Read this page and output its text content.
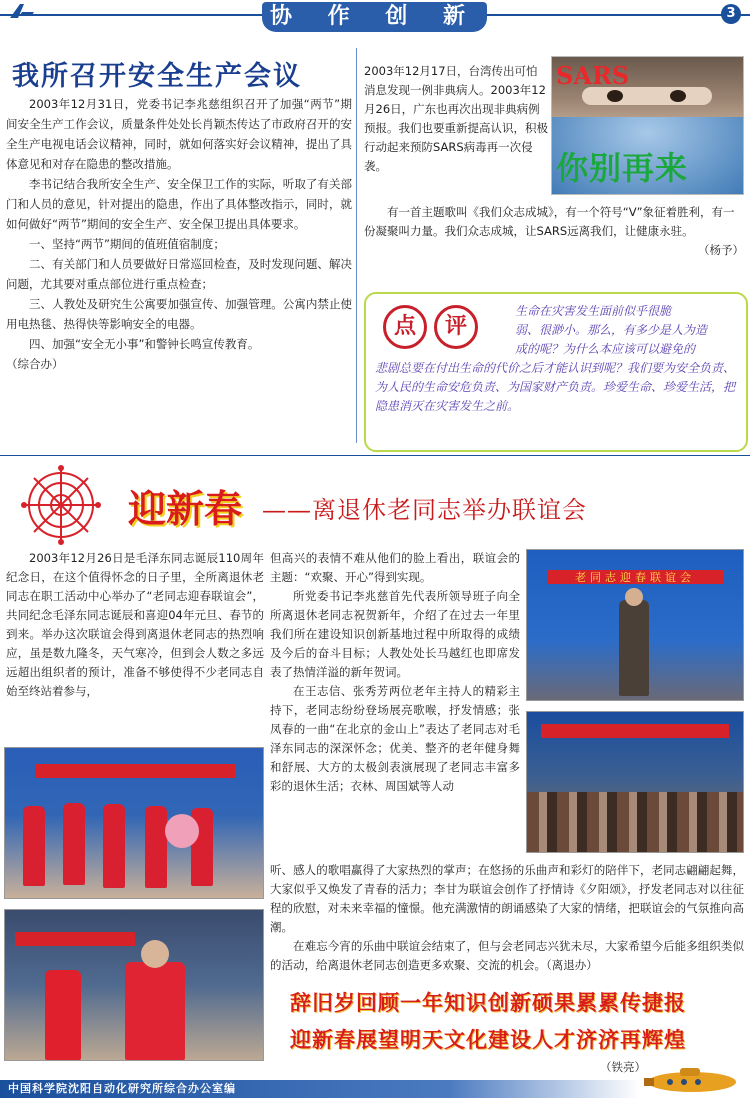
协 作 创 新	3
我所召开安全生产会议

2003年12月31日，党委书记李兆慈组织召开了加强“两节”期间安全生产工作会议，质量条件处处长肖颖杰传达了市政府召开的安全生产电视电话会议精神，同时，就如何落实好会议精神，提出了具体意见和对存在隐患的整改措施。

李书记结合我所安全生产、安全保卫工作的实际，听取了有关部门和人员的意见，针对提出的隐患，作出了具体整改指示，同时，就如何做好“两节”期间的安全生产、安全保卫提出具体要求。

一、坚持“两节”期间的值班值宿制度；

二、有关部门和人员要做好日常巡回检查，及时发现问题、解决问题，尤其要对重点部位进行重点检查；

三、人教处及研究生公寓要加强宣传、加强管理。公寓内禁止使用电热毯、热得快等影响安全的电器。

四、加强“安全无小事”和警钟长鸣宣传教育。

（综合办）

2003年12月17日，台湾传出可怕消息发现一例非典病人。2003年12月26日，广东也再次出现非典病例预报。我们也要重新提高认识，积极行动起来预防SARS病毒再一次侵袭。
SARS
你别再来

有一首主题歌叫《我们众志成城》，有一个符号“V”象征着胜利，有一份凝聚叫力量。我们众志成城，让SARS远离我们，让健康永驻。

（杨予）

点	评
生命在灾害发生面前似乎很脆
弱、很渺小。那么，有多少是人为造
成的呢？为什么本应该可以避免的
悲剧总要在付出生命的代价之后才能认识到呢？我们要为安全负责、为人民的生命安危负责、为国家财产负责。珍爱生命、珍爱生活，把隐患消灭在灾害发生之前。
迎新春 ——离退休老同志举办联谊会

2003年12月26日是毛泽东同志诞辰110周年纪念日，在这个值得怀念的日子里，全所离退休老同志在职工活动中心举办了“老同志迎春联谊会”，共同纪念毛泽东同志诞辰和喜迎04年元旦、春节的到来。举办这次联谊会得到离退休老同志的热烈响应，虽是数九隆冬，天气寒冷，但到会人数之多远远超出组织者的预计，准备不够使得不少老同志自始至终站着参与，

但高兴的表情不难从他们的脸上看出，联谊会的主题：“欢聚、开心”得到实现。

所党委书记李兆慈首先代表所领导班子向全所离退休老同志祝贺新年，介绍了在过去一年里我们所在建设知识创新基地过程中所取得的成绩及今后的奋斗目标；人教处处长马越红也即席发表了热情洋溢的新年贺词。

在王志信、张秀芳两位老年主持人的精彩主持下，老同志纷纷登场展亮歌喉，抒发情感；张凤春的一曲“在北京的金山上”表达了老同志对毛泽东同志的深深怀念；优美、整齐的老年健身舞和舒展、大方的太极剑表演展现了老同志丰富多彩的退休生活；衣林、周国斌等人动

听、感人的歌唱赢得了大家热烈的掌声；在悠扬的乐曲声和彩灯的陪伴下，老同志翩翩起舞，大家似乎又焕发了青春的活力；李甘为联谊会创作了抒情诗《夕阳颂》，抒发老同志对以往征程的欣慰，对未来幸福的憧憬。他充满激情的朗诵感染了大家的情绪，把联谊会的气氛推向高潮。

在难忘今宵的乐曲中联谊会结束了，但与会老同志兴犹未尽，大家希望今后能多组织类似的活动，给离退休老同志创造更多欢聚、交流的机会。（离退办）

老同志迎春联谊会
辞旧岁回顾一年知识创新硕果累累传捷报
迎新春展望明天文化建设人才济济再辉煌
（铁亮）
中国科学院沈阳自动化研究所综合办公室编
